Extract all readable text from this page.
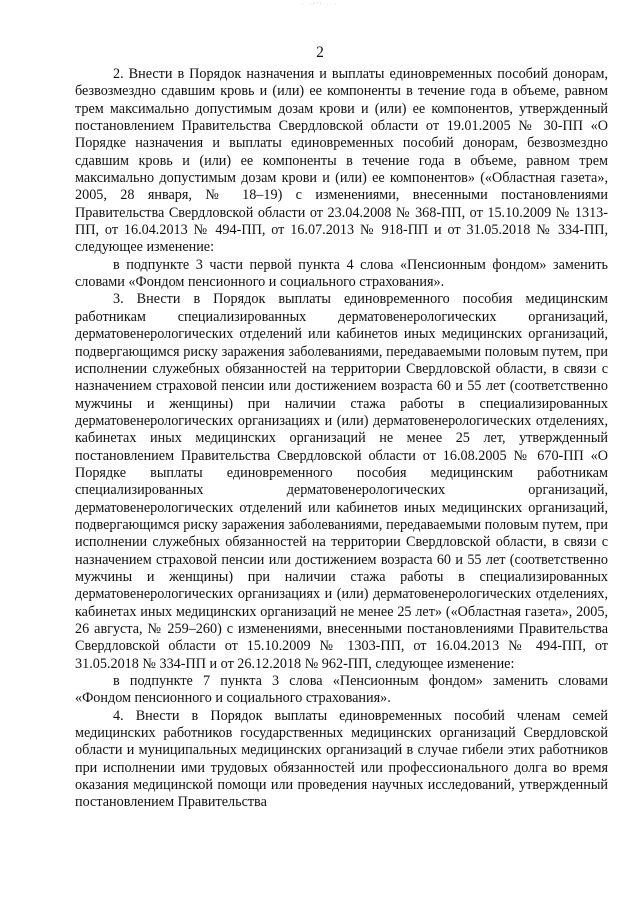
· ·ᵒ'ᵗ · ·
2

2. Внести в Порядок назначения и выплаты единовременных пособий донорам, безвозмездно сдавшим кровь и (или) ее компоненты в течение года в объеме, равном трем максимально допустимым дозам крови и (или) ее компонентов, утвержденный постановлением Правительства Свердловской области от 19.01.2005 № 30-ПП «О Порядке назначения и выплаты единовременных пособий донорам, безвозмездно сдавшим кровь и (или) ее компоненты в течение года в объеме, равном трем максимально допустимым дозам крови и (или) ее компонентов» («Областная газета», 2005, 28 января, № 18–19) с изменениями, внесенными постановлениями Правительства Свердловской области от 23.04.2008 № 368-ПП, от 15.10.2009 № 1313-ПП, от 16.04.2013 № 494-ПП, от 16.07.2013 № 918-ПП и от 31.05.2018 № 334-ПП, следующее изменение:

в подпункте 3 части первой пункта 4 слова «Пенсионным фондом» заменить словами «Фондом пенсионного и социального страхования».

3. Внести в Порядок выплаты единовременного пособия медицинским работникам специализированных дерматовенерологических организаций, дерматовенерологических отделений или кабинетов иных медицинских организаций, подвергающимся риску заражения заболеваниями, передаваемыми половым путем, при исполнении служебных обязанностей на территории Свердловской области, в связи с назначением страховой пенсии или достижением возраста 60 и 55 лет (соответственно мужчины и женщины) при наличии стажа работы в специализированных дерматовенерологических организациях и (или) дерматовенерологических отделениях, кабинетах иных медицинских организаций не менее 25 лет, утвержденный постановлением Правительства Свердловской области от 16.08.2005 № 670-ПП «О Порядке выплаты единовременного пособия медицинским работникам специализированных дерматовенерологических организаций, дерматовенерологических отделений или кабинетов иных медицинских организаций, подвергающимся риску заражения заболеваниями, передаваемыми половым путем, при исполнении служебных обязанностей на территории Свердловской области, в связи с назначением страховой пенсии или достижением возраста 60 и 55 лет (соответственно мужчины и женщины) при наличии стажа работы в специализированных дерматовенерологических организациях и (или) дерматовенерологических отделениях, кабинетах иных медицинских организаций не менее 25 лет» («Областная газета», 2005, 26 августа, № 259–260) с изменениями, внесенными постановлениями Правительства Свердловской области от 15.10.2009 № 1303-ПП, от 16.04.2013 № 494-ПП, от 31.05.2018 № 334-ПП и от 26.12.2018 № 962-ПП, следующее изменение:

в подпункте 7 пункта 3 слова «Пенсионным фондом» заменить словами «Фондом пенсионного и социального страхования».

4. Внести в Порядок выплаты единовременных пособий членам семей медицинских работников государственных медицинских организаций Свердловской области и муниципальных медицинских организаций в случае гибели этих работников при исполнении ими трудовых обязанностей или профессионального долга во время оказания медицинской помощи или проведения научных исследований, утвержденный постановлением Правительства
